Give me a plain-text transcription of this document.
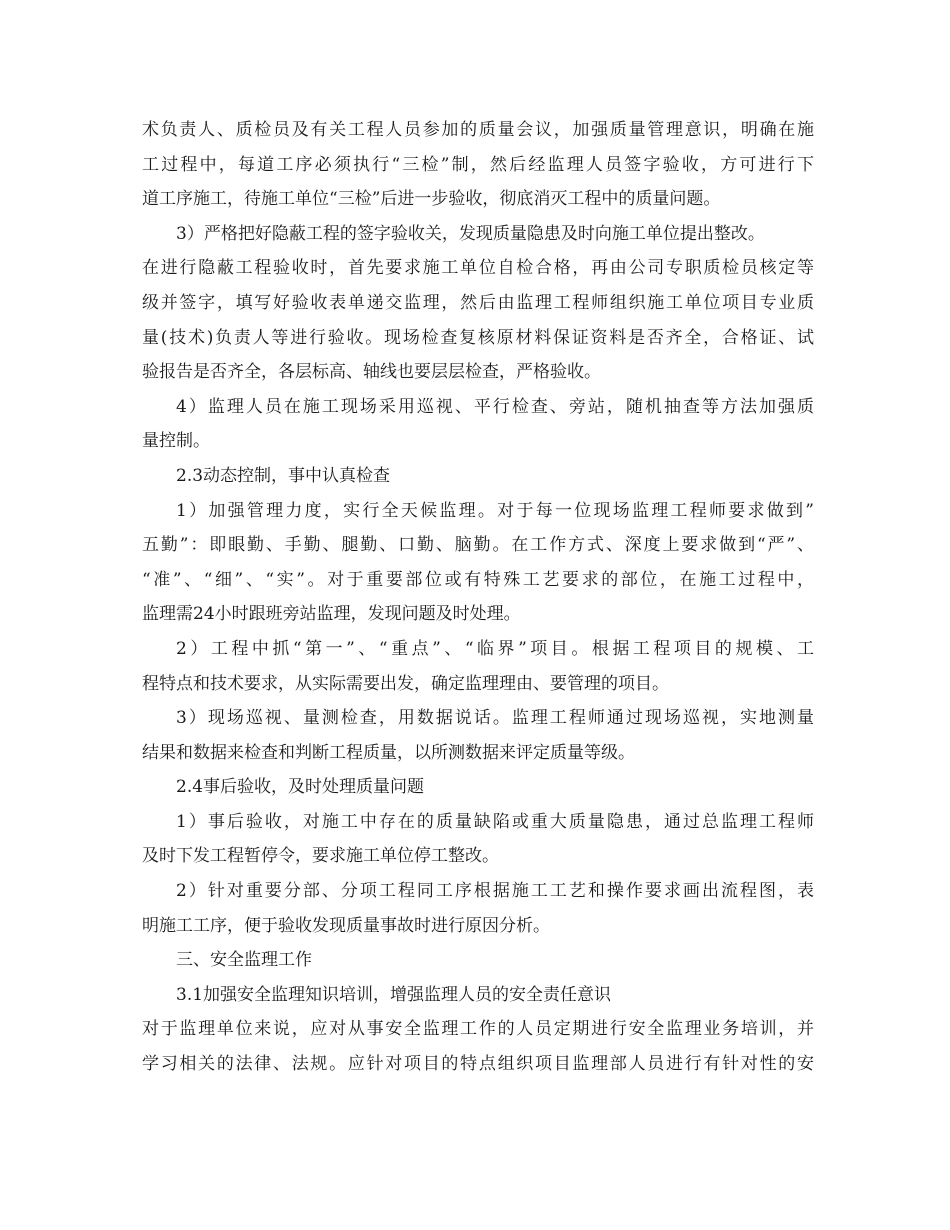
术负责人、质检员及有关工程人员参加的质量会议，加强质量管理意识，明确在施
工过程中，每道工序必须执行“三检”制，然后经监理人员签字验收，方可进行下
道工序施工，待施工单位“三检”后进一步验收，彻底消灭工程中的质量问题。
3）严格把好隐蔽工程的签字验收关，发现质量隐患及时向施工单位提出整改。
在进行隐蔽工程验收时，首先要求施工单位自检合格，再由公司专职质检员核定等
级并签字，填写好验收表单递交监理，然后由监理工程师组织施工单位项目专业质
量(技术)负责人等进行验收。现场检查复核原材料保证资料是否齐全，合格证、试
验报告是否齐全，各层标高、轴线也要层层检查，严格验收。
4）监理人员在施工现场采用巡视、平行检查、旁站，随机抽查等方法加强质
量控制。
2.3动态控制，事中认真检查
1）加强管理力度，实行全天候监理。对于每一位现场监理工程师要求做到”
五勤”：即眼勤、手勤、腿勤、口勤、脑勤。在工作方式、深度上要求做到“严”、
“准”、“细”、“实”。对于重要部位或有特殊工艺要求的部位，在施工过程中，
监理需24小时跟班旁站监理，发现问题及时处理。
2）工程中抓“第一”、“重点”、“临界”项目。根据工程项目的规模、工
程特点和技术要求，从实际需要出发，确定监理理由、要管理的项目。
3）现场巡视、量测检查，用数据说话。监理工程师通过现场巡视，实地测量
结果和数据来检查和判断工程质量，以所测数据来评定质量等级。
2.4事后验收，及时处理质量问题
1）事后验收，对施工中存在的质量缺陷或重大质量隐患，通过总监理工程师
及时下发工程暂停令，要求施工单位停工整改。
2）针对重要分部、分项工程同工序根据施工工艺和操作要求画出流程图，表
明施工工序，便于验收发现质量事故时进行原因分析。
三、安全监理工作
3.1加强安全监理知识培训，增强监理人员的安全责任意识
对于监理单位来说，应对从事安全监理工作的人员定期进行安全监理业务培训，并
学习相关的法律、法规。应针对项目的特点组织项目监理部人员进行有针对性的安
